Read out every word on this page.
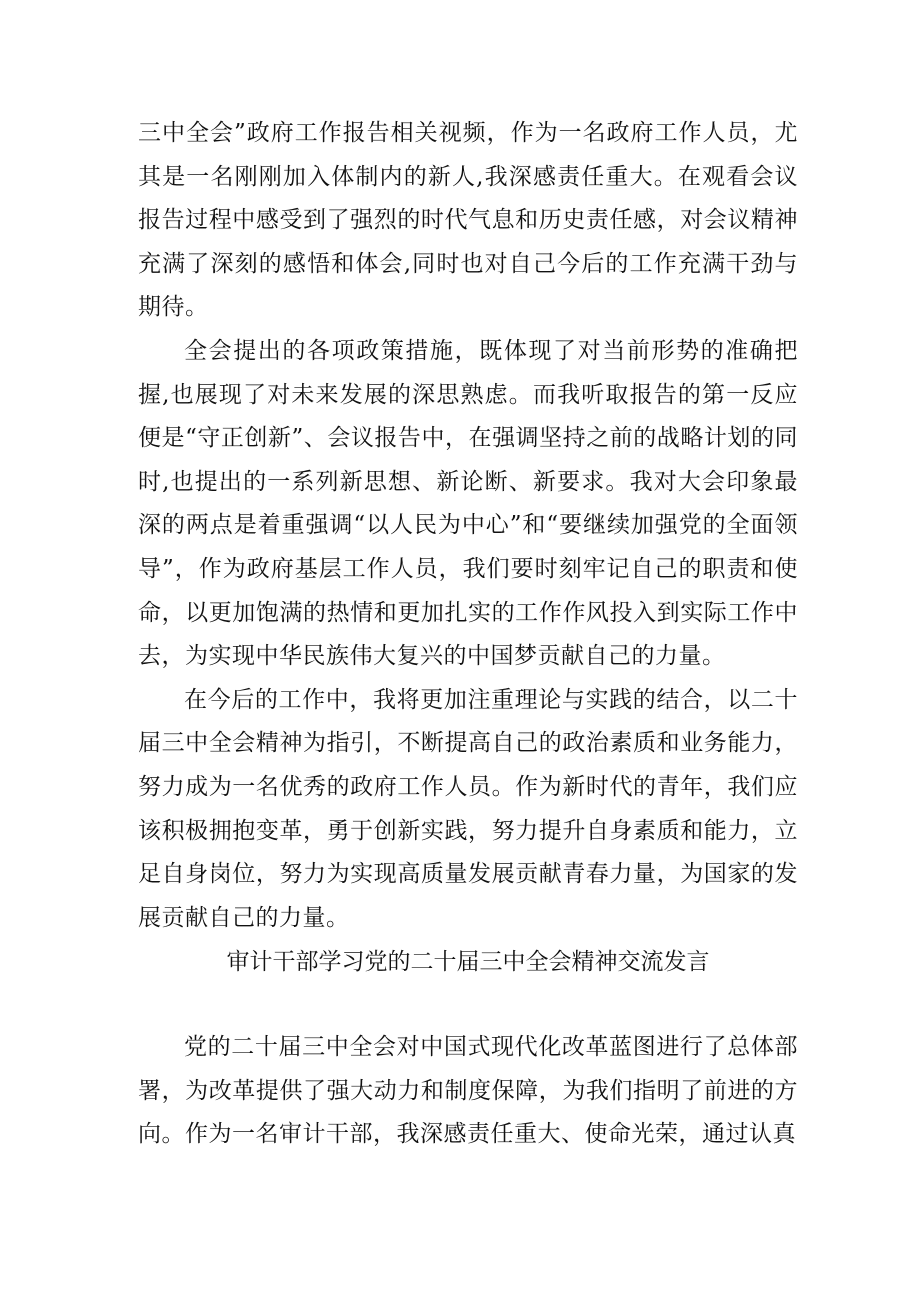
三中全会”政府工作报告相关视频，作为一名政府工作人员，尤其是一名刚刚加入体制内的新人,我深感责任重大。在观看会议报告过程中感受到了强烈的时代气息和历史责任感，对会议精神充满了深刻的感悟和体会,同时也对自己今后的工作充满干劲与期待。

全会提出的各项政策措施，既体现了对当前形势的准确把握,也展现了对未来发展的深思熟虑。而我听取报告的第一反应便是“守正创新”、会议报告中，在强调坚持之前的战略计划的同时,也提出的一系列新思想、新论断、新要求。我对大会印象最深的两点是着重强调“以人民为中心”和“要继续加强党的全面领导”，作为政府基层工作人员，我们要时刻牢记自己的职责和使命，以更加饱满的热情和更加扎实的工作作风投入到实际工作中去，为实现中华民族伟大复兴的中国梦贡献自己的力量。

在今后的工作中，我将更加注重理论与实践的结合，以二十届三中全会精神为指引，不断提高自己的政治素质和业务能力，努力成为一名优秀的政府工作人员。作为新时代的青年，我们应该积极拥抱变革，勇于创新实践，努力提升自身素质和能力，立足自身岗位，努力为实现高质量发展贡献青春力量，为国家的发展贡献自己的力量。

审计干部学习党的二十届三中全会精神交流发言

党的二十届三中全会对中国式现代化改革蓝图进行了总体部署，为改革提供了强大动力和制度保障，为我们指明了前进的方向。作为一名审计干部，我深感责任重大、使命光荣，通过认真
